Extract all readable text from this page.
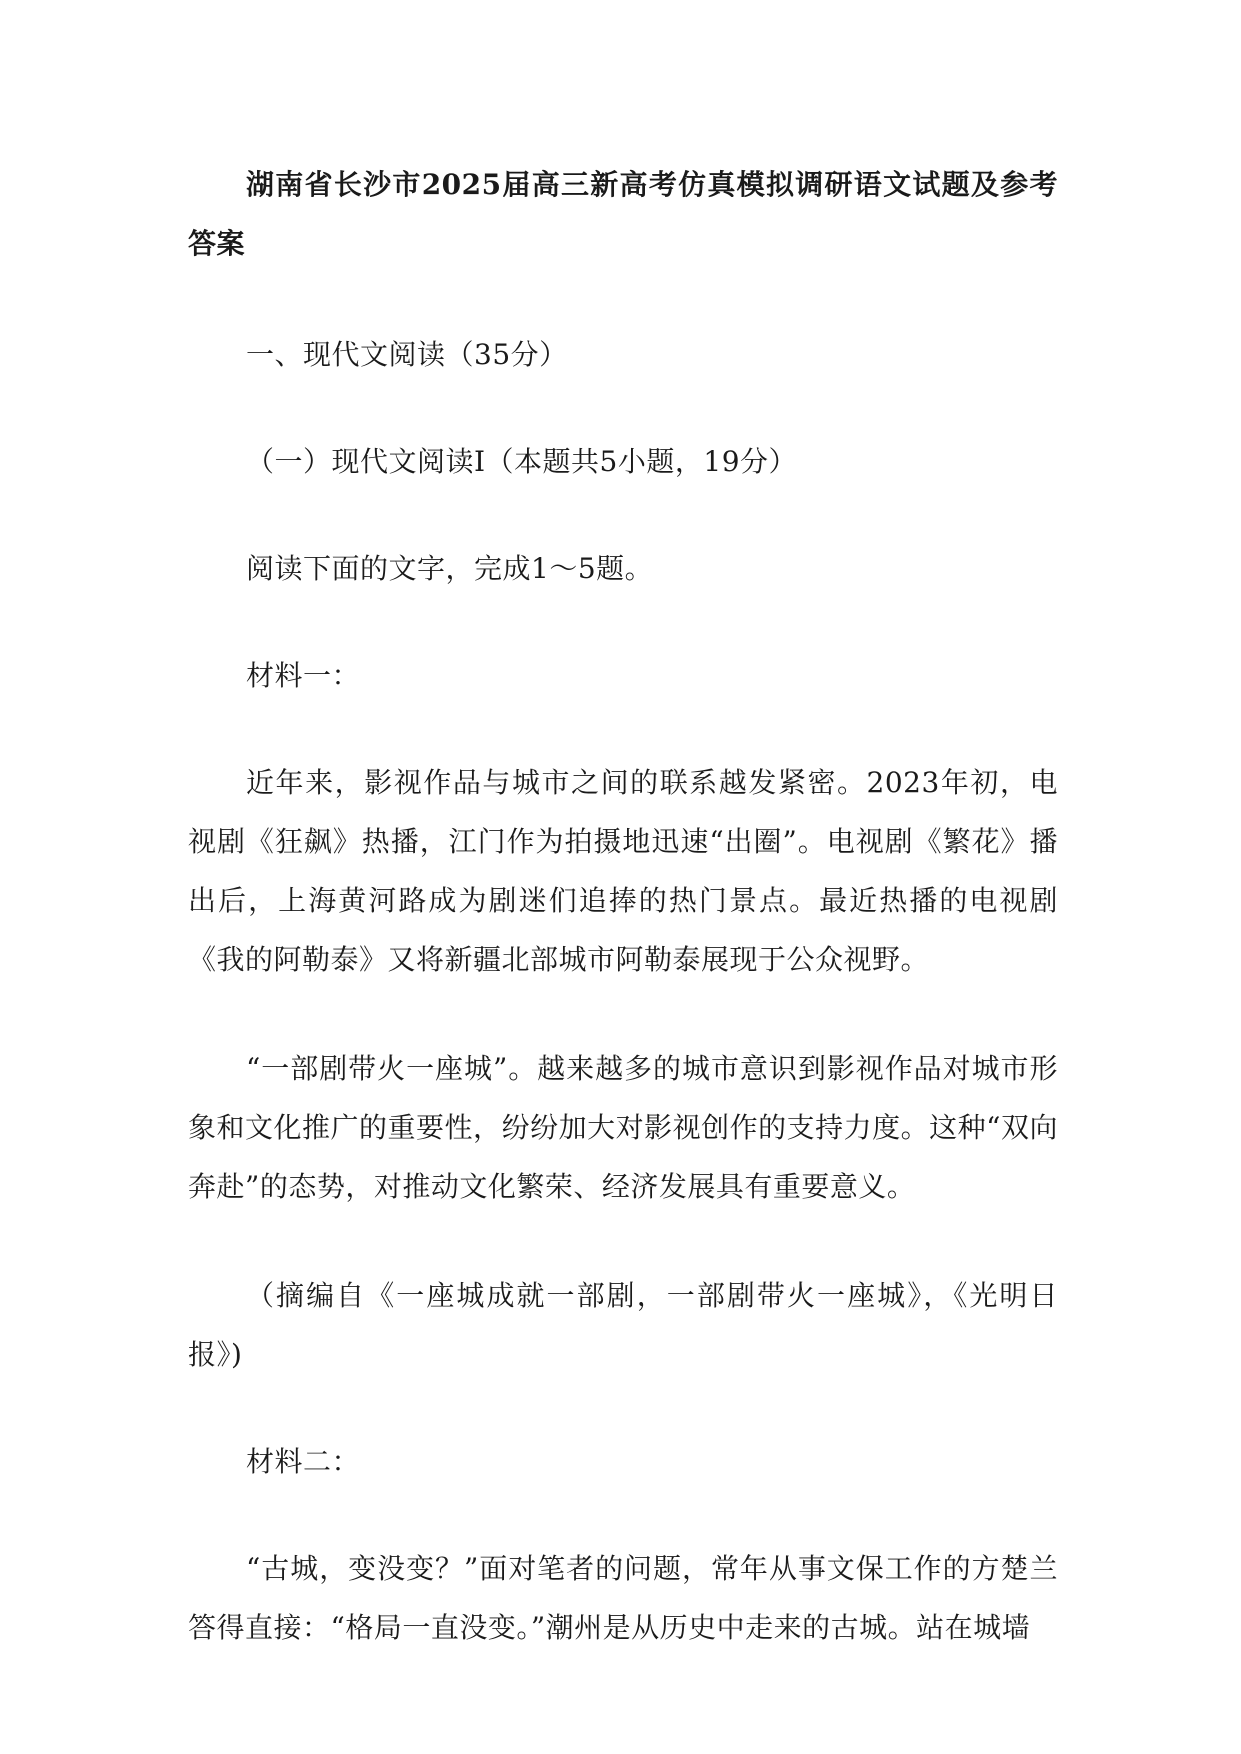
湖南省长沙市2025届高三新高考仿真模拟调研语文试题及参考答案

一、现代文阅读（35分）

（一）现代文阅读Ⅰ（本题共5小题，19分）

阅读下面的文字，完成1～5题。

材料一：

近年来，影视作品与城市之间的联系越发紧密。2023年初，电视剧《狂飙》热播，江门作为拍摄地迅速“出圈”。电视剧《繁花》播出后，上海黄河路成为剧迷们追捧的热门景点。最近热播的电视剧《我的阿勒泰》又将新疆北部城市阿勒泰展现于公众视野。

“一部剧带火一座城”。越来越多的城市意识到影视作品对城市形象和文化推广的重要性，纷纷加大对影视创作的支持力度。这种“双向奔赴”的态势，对推动文化繁荣、经济发展具有重要意义。

（摘编自《一座城成就一部剧，一部剧带火一座城》，《光明日报》)

材料二：

“古城，变没变？”面对笔者的问题，常年从事文保工作的方楚兰答得直接：“格局一直没变。”潮州是从历史中走来的古城。站在城墙
